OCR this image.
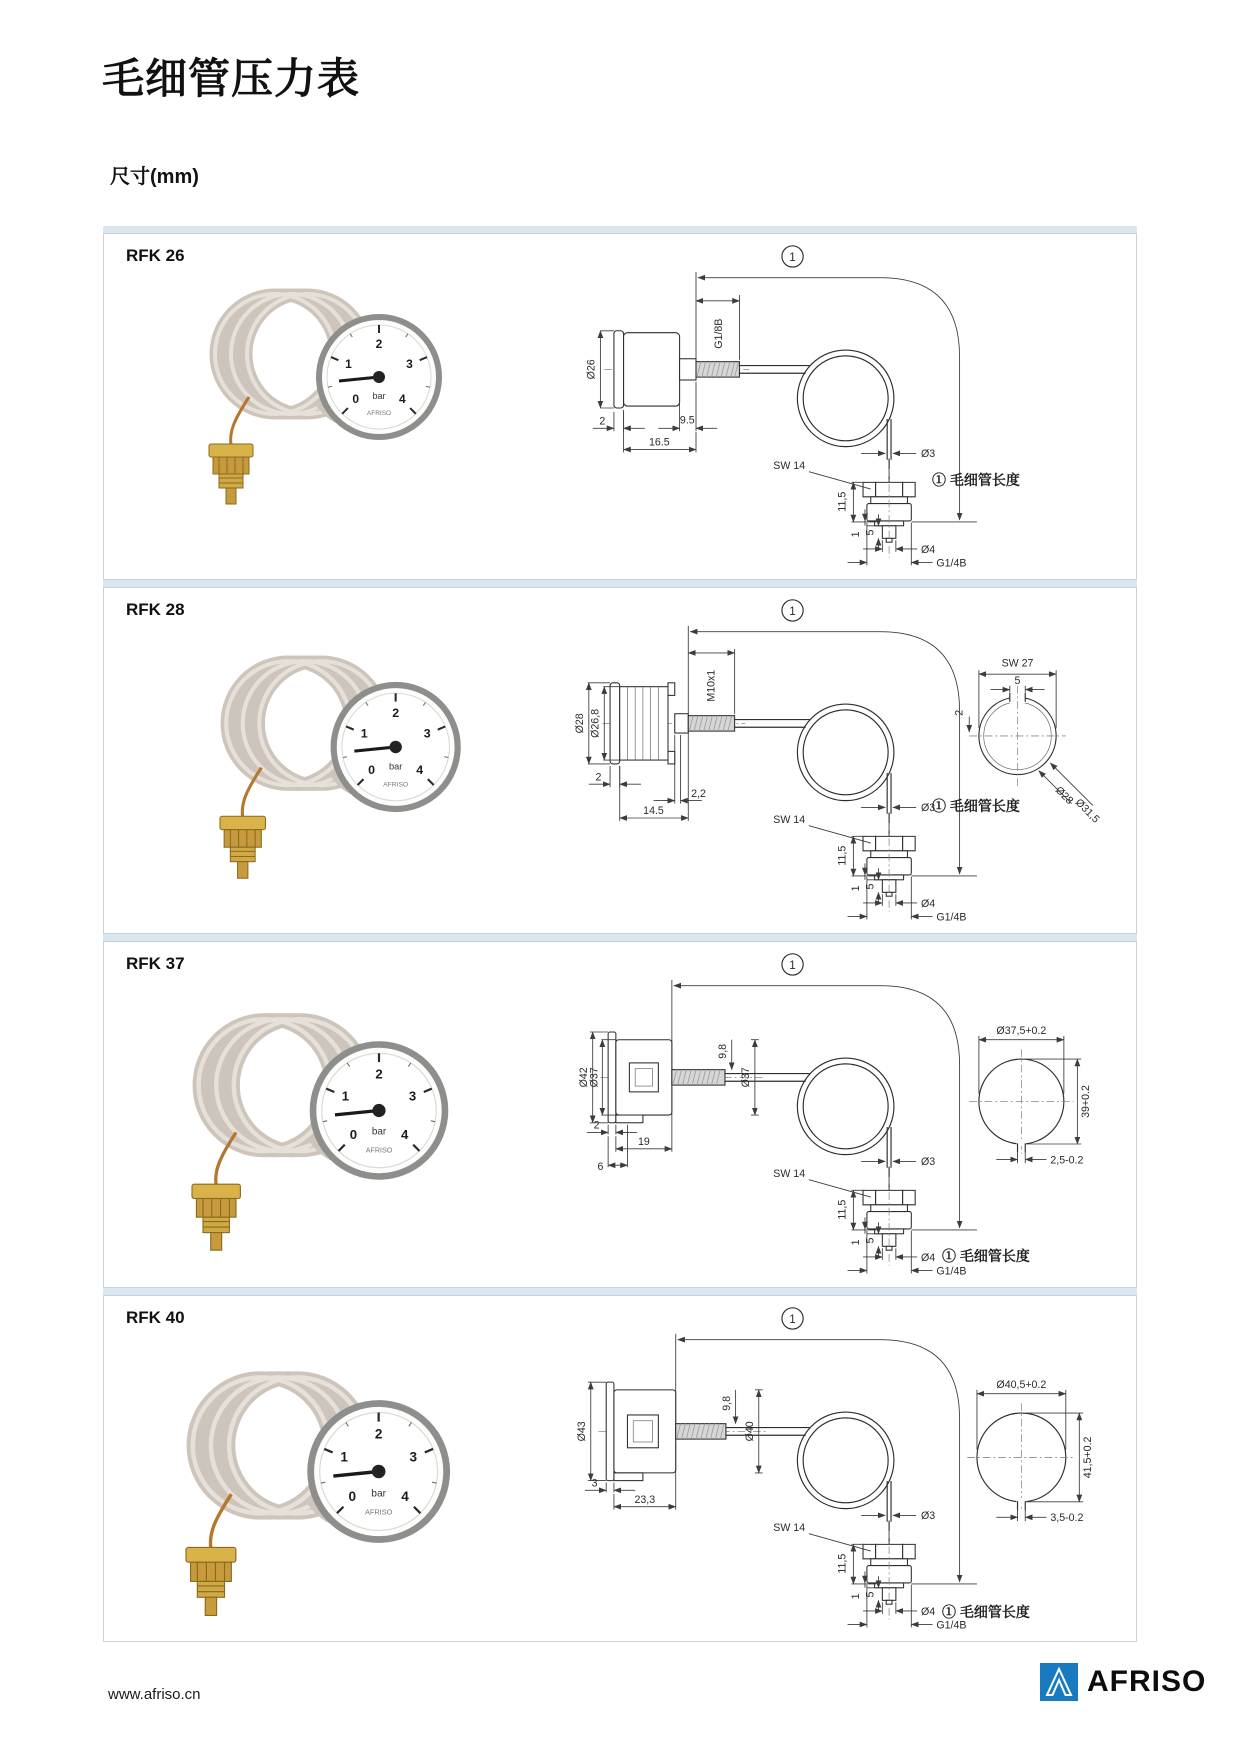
毛细管压力表
尺寸(mm)
RFK 26	1
Ø26
2	9.5
16.5
G1/8B
Ø3
SW 14
11,5
1 5
Ø4
G1/4B
① 毛细管长度
RFK 28	1
Ø28 Ø26,8
2
2,2
14.5
M10x1
Ø3
SW 14
11,5
1 5
Ø4
G1/4B
SW 27
5
2
Ø28
Ø31,5
① 毛细管长度
RFK 37	1
Ø42
Ø37
9,8
Ø37
2
19
6	Ø3
SW 14
11,5
1 5
Ø4
G1/4B
Ø37,5+0.2
39+0.2
2,5-0.2
① 毛细管长度
RFK 40	1
Ø43
9,8
Ø40
3
23,3
Ø3
SW 14
11,5
1 5
Ø4
G1/4B
Ø40,5+0.2
41,5+0.2
3,5-0.2
① 毛细管长度
www.afriso.cn	AFRISO
